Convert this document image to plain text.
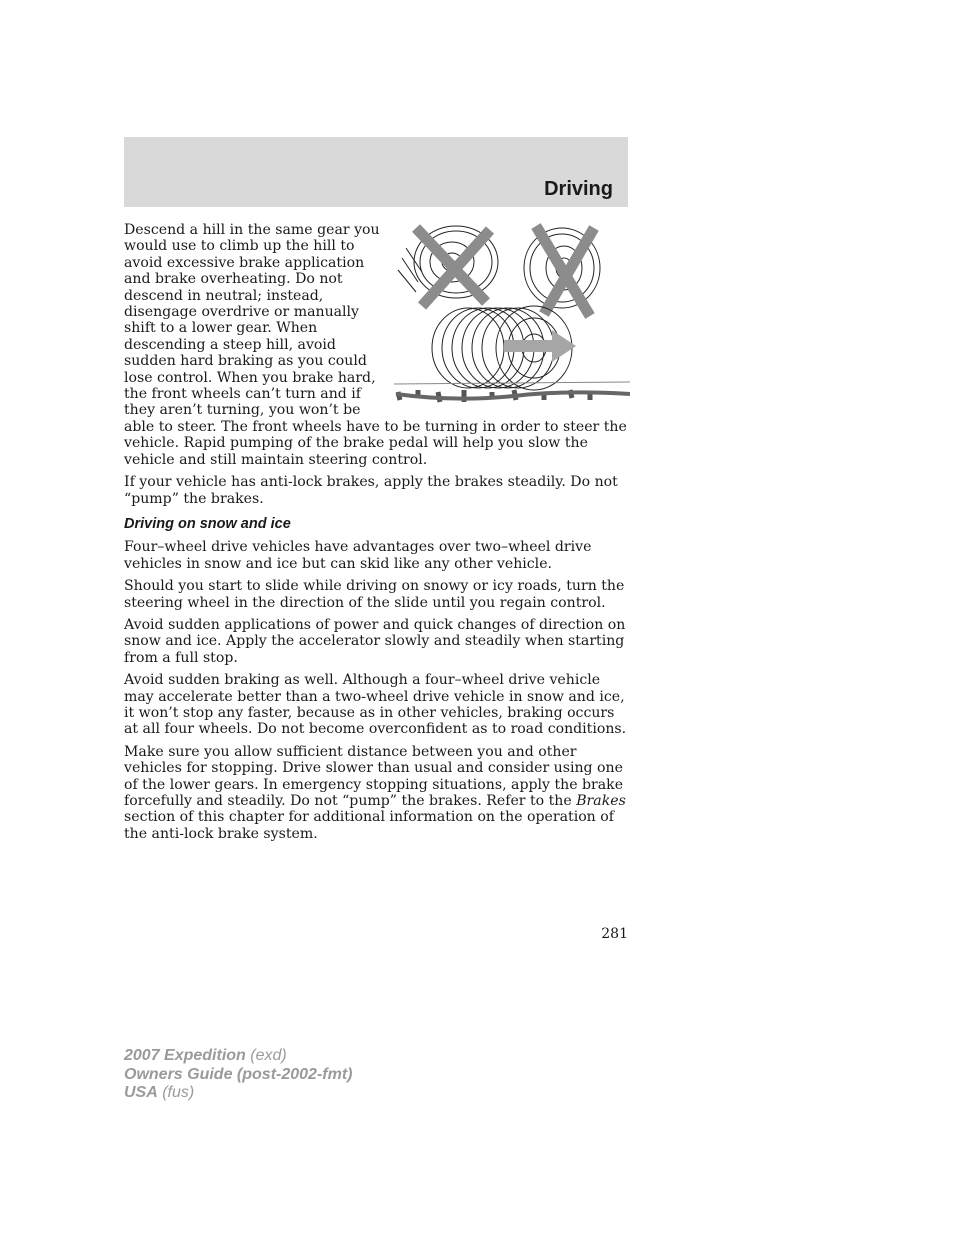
Driving

Descend a hill in the same gear you would use to climb up the hill to avoid excessive brake application and brake overheating. Do not descend in neutral; instead, disengage overdrive or manually shift to a lower gear. When descending a steep hill, avoid sudden hard braking as you could lose control. When you brake hard, the front wheels can’t turn and if they aren’t turning, you won’t be able to steer. The front wheels have to be turning in order to steer the vehicle. Rapid pumping of the brake pedal will help you slow the vehicle and still maintain steering control.

If your vehicle has anti-lock brakes, apply the brakes steadily. Do not “pump” the brakes.

Driving on snow and ice

Four–wheel drive vehicles have advantages over two–wheel drive vehicles in snow and ice but can skid like any other vehicle.

Should you start to slide while driving on snowy or icy roads, turn the steering wheel in the direction of the slide until you regain control.

Avoid sudden applications of power and quick changes of direction on snow and ice. Apply the accelerator slowly and steadily when starting from a full stop.

Avoid sudden braking as well. Although a four–wheel drive vehicle may accelerate better than a two-wheel drive vehicle in snow and ice, it won’t stop any faster, because as in other vehicles, braking occurs at all four wheels. Do not become overconfident as to road conditions.

Make sure you allow sufficient distance between you and other vehicles for stopping. Drive slower than usual and consider using one of the lower gears. In emergency stopping situations, apply the brake forcefully and steadily. Do not “pump” the brakes. Refer to the Brakes section of this chapter for additional information on the operation of the anti-lock brake system.

281
2007 Expedition (exd)
Owners Guide (post-2002-fmt)
USA (fus)
